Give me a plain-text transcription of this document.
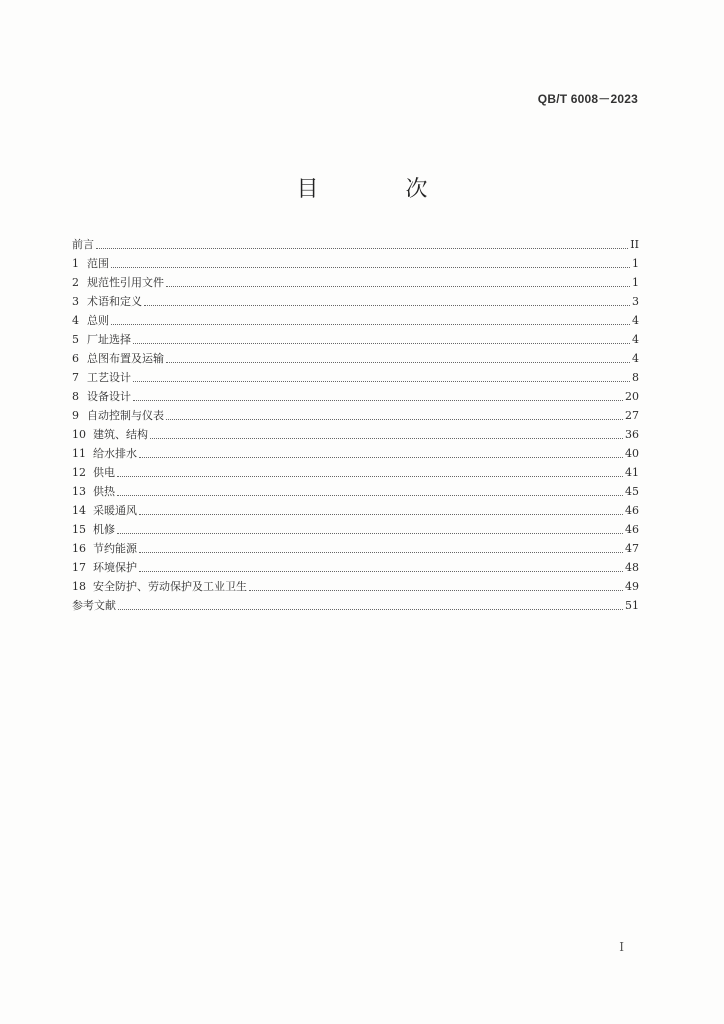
QB/T 6008－2023
目 次
前言	II
1 范围	1
2 规范性引用文件	1
3 术语和定义	3
4 总则	4
5 厂址选择	4
6 总图布置及运输	4
7 工艺设计	8
8 设备设计	20
9 自动控制与仪表	27
10 建筑、结构	36
11 给水排水	40
12 供电	41
13 供热	45
14 采暖通风	46
15 机修	46
16 节约能源	47
17 环境保护	48
18 安全防护、劳动保护及工业卫生	49
参考文献	51
I
